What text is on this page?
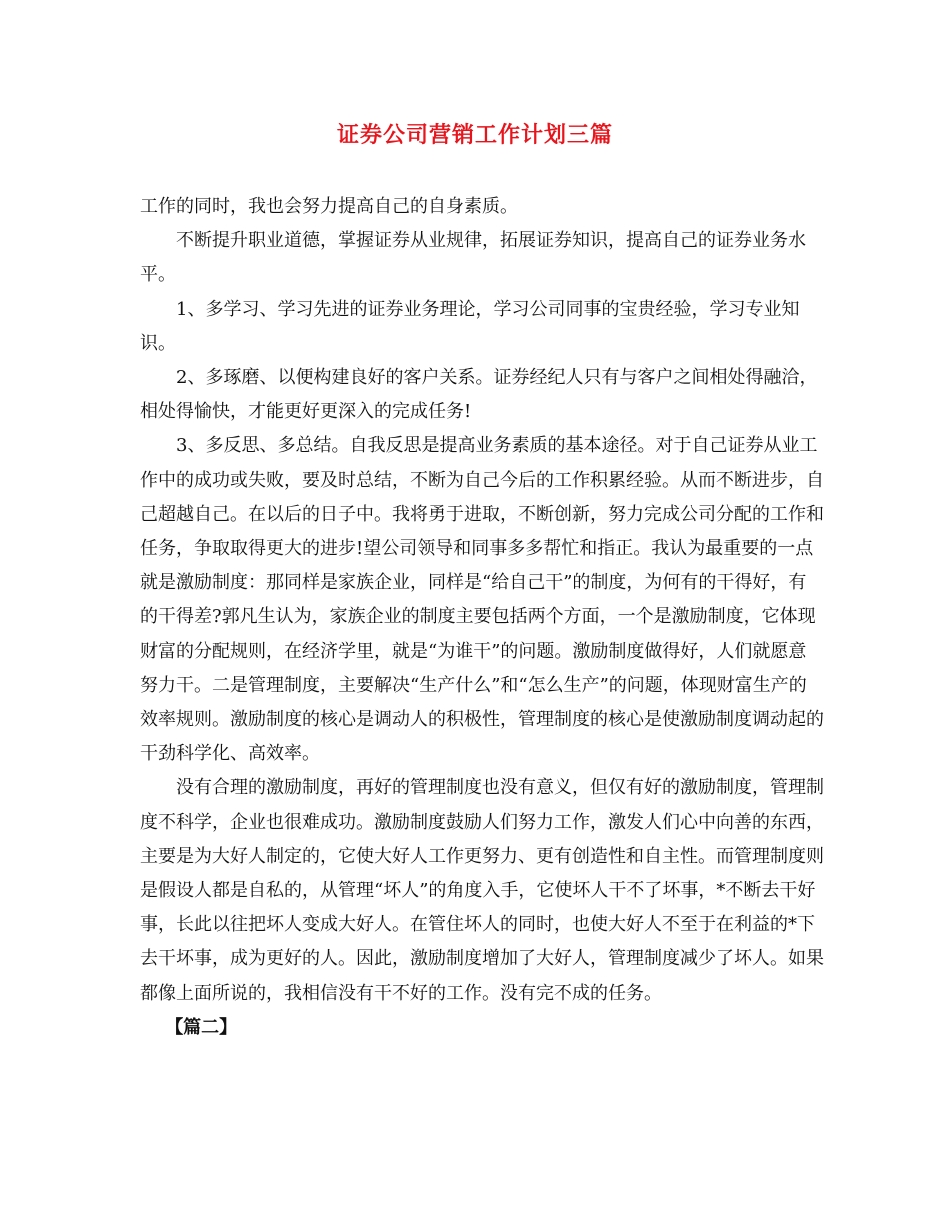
证券公司营销工作计划三篇

工作的同时，我也会努力提高自己的自身素质。

不断提升职业道德，掌握证券从业规律，拓展证券知识，提高自己的证券业务水平。

1、多学习、学习先进的证券业务理论，学习公司同事的宝贵经验，学习专业知识。

2、多琢磨、以便构建良好的客户关系。证券经纪人只有与客户之间相处得融洽，相处得愉快，才能更好更深入的完成任务!

3、多反思、多总结。自我反思是提高业务素质的基本途径。对于自己证券从业工作中的成功或失败，要及时总结，不断为自己今后的工作积累经验。从而不断进步，自己超越自己。在以后的日子中。我将勇于进取，不断创新，努力完成公司分配的工作和任务，争取取得更大的进步!望公司领导和同事多多帮忙和指正。我认为最重要的一点就是激励制度：那同样是家族企业，同样是“给自己干”的制度，为何有的干得好，有的干得差?郭凡生认为，家族企业的制度主要包括两个方面，一个是激励制度，它体现财富的分配规则，在经济学里，就是“为谁干”的问题。激励制度做得好，人们就愿意努力干。二是管理制度，主要解决“生产什么”和“怎么生产”的问题，体现财富生产的效率规则。激励制度的核心是调动人的积极性，管理制度的核心是使激励制度调动起的干劲科学化、高效率。

没有合理的激励制度，再好的管理制度也没有意义，但仅有好的激励制度，管理制度不科学，企业也很难成功。激励制度鼓励人们努力工作，激发人们心中向善的东西，主要是为大好人制定的，它使大好人工作更努力、更有创造性和自主性。而管理制度则是假设人都是自私的，从管理“坏人”的角度入手，它使坏人干不了坏事，*不断去干好事，长此以往把坏人变成大好人。在管住坏人的同时，也使大好人不至于在利益的*下去干坏事，成为更好的人。因此，激励制度增加了大好人，管理制度减少了坏人。如果都像上面所说的，我相信没有干不好的工作。没有完不成的任务。

【篇二】
